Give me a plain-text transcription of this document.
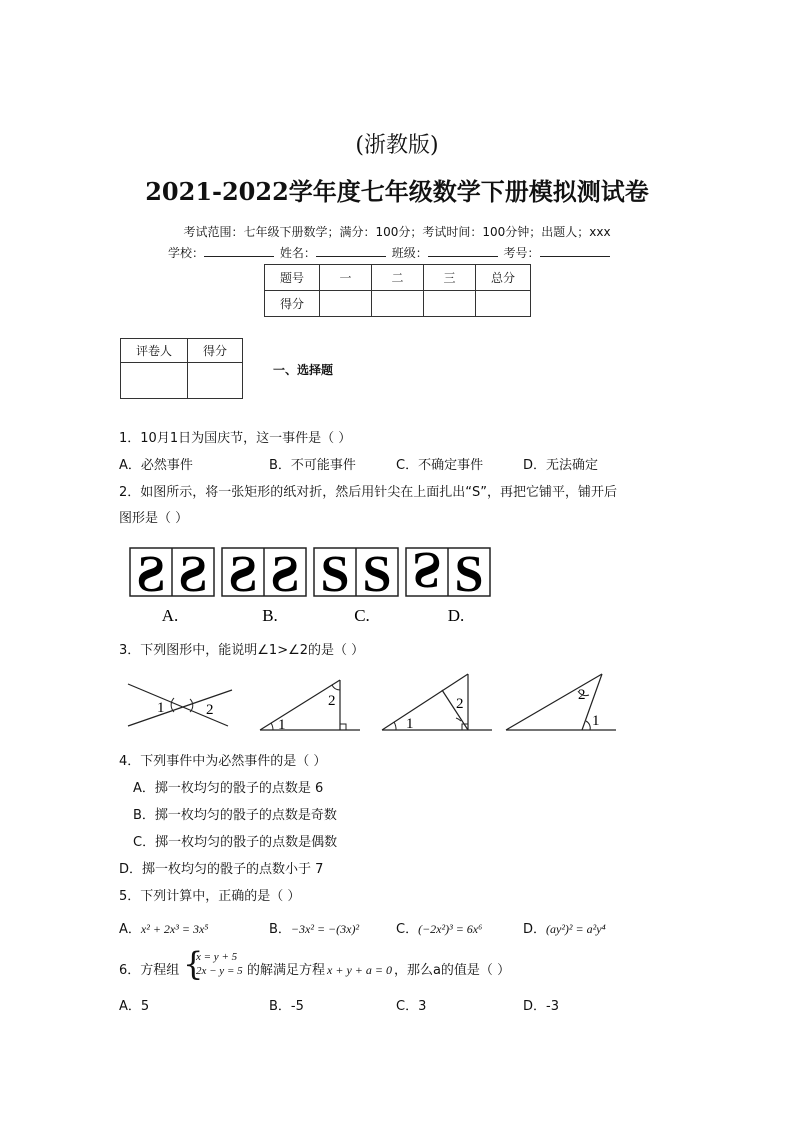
(浙教版)
2021-2022学年度七年级数学下册模拟测试卷
考试范围：七年级下册数学；满分：100分；考试时间：100分钟；出题人；xxx
学校：	姓名：	班级：	考号：
题号	一	二	三	总分
得分				
评卷人	得分

一、选择题
1．10月1日为国庆节，这一事件是（ ）
A．必然事件	B．不可能事件	C．不确定事件	D．无法确定
2．如图所示，将一张矩形的纸对折，然后用针尖在上面扎出“S”，再把它铺平，铺开后
图形是（ ）
S S
A.
S S
B.
S S
C.
S S
D.
3．下列图形中，能说明∠1>∠2的是（ ）
1	2
1
2
1
2
2
1
4．下列事件中为必然事件的是（ ）
A．掷一枚均匀的骰子的点数是 6
B．掷一枚均匀的骰子的点数是奇数
C．掷一枚均匀的骰子的点数是偶数
D．掷一枚均匀的骰子的点数小于 7
5．下列计算中，正确的是（ ）
A．x² + 2x³ = 3x⁵	B．−3x² = −(3x)²	C．(−2x²)³ = 6x⁶	D．(ay²)² = a²y⁴
6．方程组 {
x = y + 5
2x − y = 5 的解满足方程 x + y + a = 0 ，那么a的值是（ ）
A．5	B．-5	C．3	D．-3
